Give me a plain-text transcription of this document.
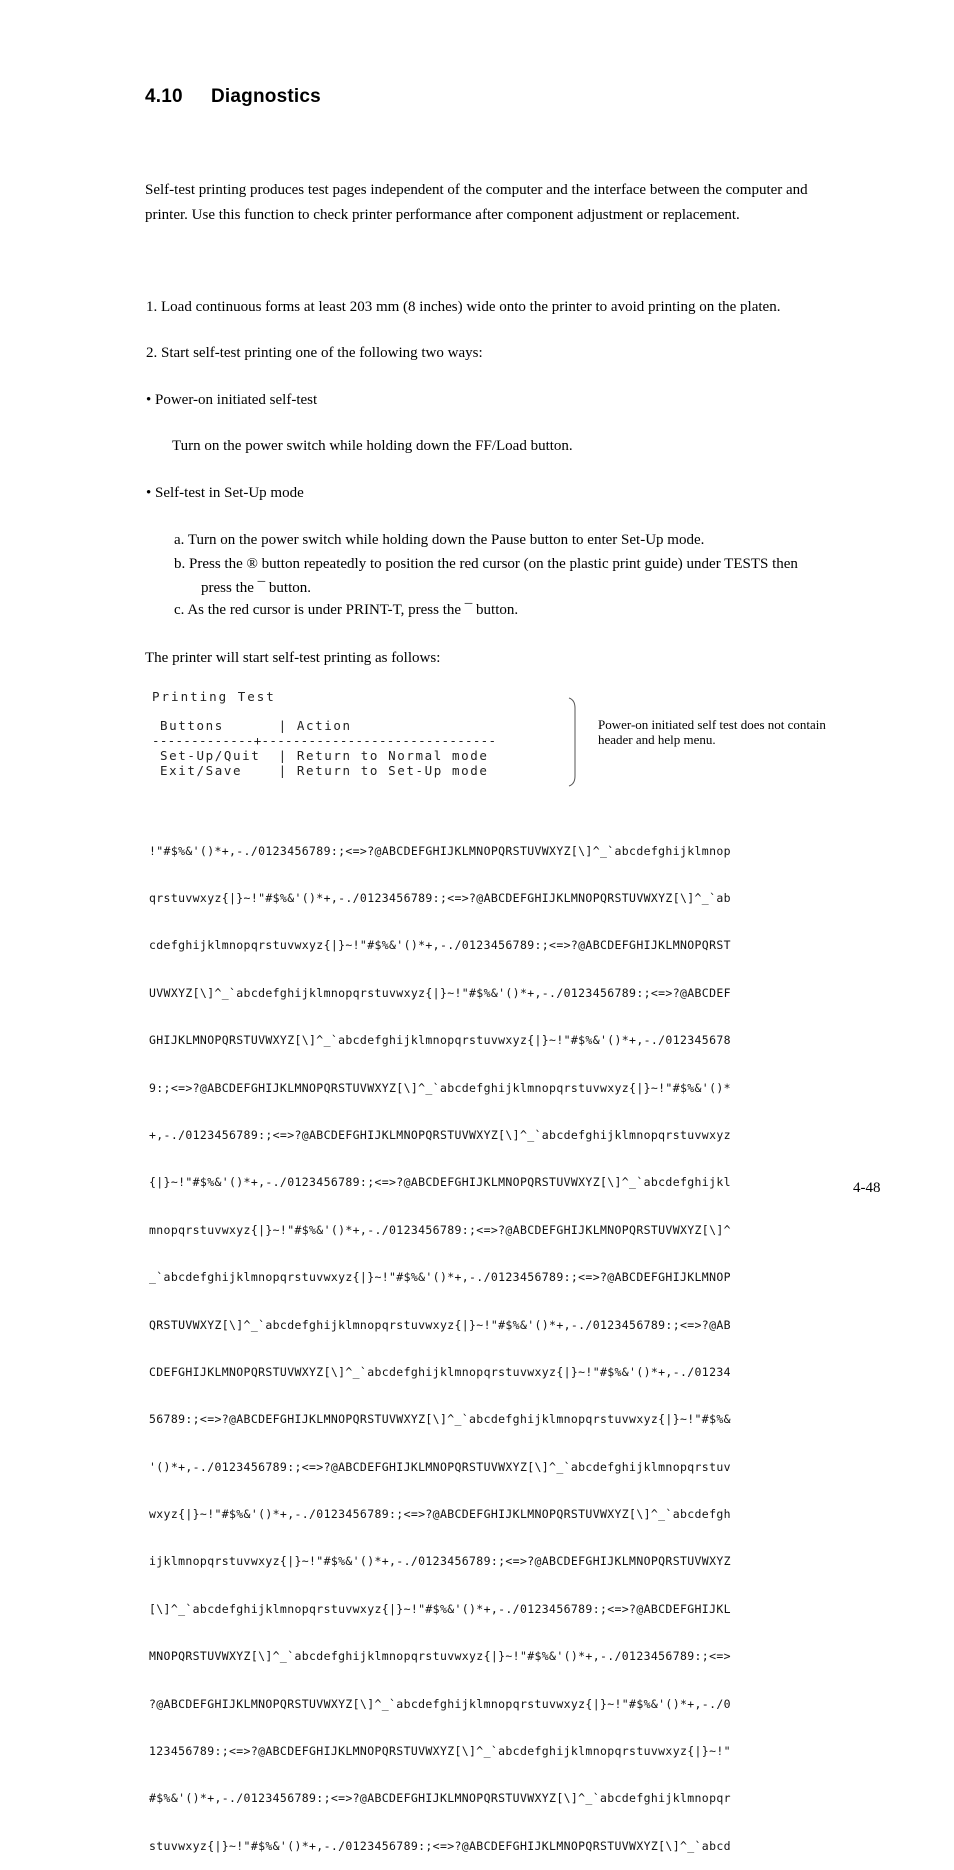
4.10 Diagnostics
Self-test printing produces test pages independent of the computer and the interface between the computer and printer. Use this function to check printer performance after component adjustment or replacement.
1. Load continuous forms at least 203 mm (8 inches) wide onto the printer to avoid printing on the platen.
2. Start self-test printing one of the following two ways:
• Power-on initiated self-test
Turn on the power switch while holding down the FF/Load button.
• Self-test in Set-Up mode
a. Turn on the power switch while holding down the Pause button to enter Set-Up mode.
b. Press the ® button repeatedly to position the red cursor (on the plastic print guide) under TESTS then
press the ¯ button.
c. As the red cursor is under PRINT-T, press the ¯ button.
The printer will start self-test printing as follows:
Printing Test
Buttons      | Action
-------------+------------------------------
Set-Up/Quit  | Return to Normal mode
Exit/Save    | Return to Set-Up mode
Power-on initiated self test does not contain header and help menu.

!"#$%&'()*+,-./0123456789:;<=>?@ABCDEFGHIJKLMNOPQRSTUVWXYZ[\]^_`abcdefghijklmnop

qrstuvwxyz{|}~!"#$%&'()*+,-./0123456789:;<=>?@ABCDEFGHIJKLMNOPQRSTUVWXYZ[\]^_`ab

cdefghijklmnopqrstuvwxyz{|}~!"#$%&'()*+,-./0123456789:;<=>?@ABCDEFGHIJKLMNOPQRST

UVWXYZ[\]^_`abcdefghijklmnopqrstuvwxyz{|}~!"#$%&'()*+,-./0123456789:;<=>?@ABCDEF

GHIJKLMNOPQRSTUVWXYZ[\]^_`abcdefghijklmnopqrstuvwxyz{|}~!"#$%&'()*+,-./012345678

9:;<=>?@ABCDEFGHIJKLMNOPQRSTUVWXYZ[\]^_`abcdefghijklmnopqrstuvwxyz{|}~!"#$%&'()*

+,-./0123456789:;<=>?@ABCDEFGHIJKLMNOPQRSTUVWXYZ[\]^_`abcdefghijklmnopqrstuvwxyz

{|}~!"#$%&'()*+,-./0123456789:;<=>?@ABCDEFGHIJKLMNOPQRSTUVWXYZ[\]^_`abcdefghijkl

mnopqrstuvwxyz{|}~!"#$%&'()*+,-./0123456789:;<=>?@ABCDEFGHIJKLMNOPQRSTUVWXYZ[\]^

_`abcdefghijklmnopqrstuvwxyz{|}~!"#$%&'()*+,-./0123456789:;<=>?@ABCDEFGHIJKLMNOP

QRSTUVWXYZ[\]^_`abcdefghijklmnopqrstuvwxyz{|}~!"#$%&'()*+,-./0123456789:;<=>?@AB

CDEFGHIJKLMNOPQRSTUVWXYZ[\]^_`abcdefghijklmnopqrstuvwxyz{|}~!"#$%&'()*+,-./01234

56789:;<=>?@ABCDEFGHIJKLMNOPQRSTUVWXYZ[\]^_`abcdefghijklmnopqrstuvwxyz{|}~!"#$%&

'()*+,-./0123456789:;<=>?@ABCDEFGHIJKLMNOPQRSTUVWXYZ[\]^_`abcdefghijklmnopqrstuv

wxyz{|}~!"#$%&'()*+,-./0123456789:;<=>?@ABCDEFGHIJKLMNOPQRSTUVWXYZ[\]^_`abcdefgh

ijklmnopqrstuvwxyz{|}~!"#$%&'()*+,-./0123456789:;<=>?@ABCDEFGHIJKLMNOPQRSTUVWXYZ

[\]^_`abcdefghijklmnopqrstuvwxyz{|}~!"#$%&'()*+,-./0123456789:;<=>?@ABCDEFGHIJKL

MNOPQRSTUVWXYZ[\]^_`abcdefghijklmnopqrstuvwxyz{|}~!"#$%&'()*+,-./0123456789:;<=>

?@ABCDEFGHIJKLMNOPQRSTUVWXYZ[\]^_`abcdefghijklmnopqrstuvwxyz{|}~!"#$%&'()*+,-./0

123456789:;<=>?@ABCDEFGHIJKLMNOPQRSTUVWXYZ[\]^_`abcdefghijklmnopqrstuvwxyz{|}~!"

#$%&'()*+,-./0123456789:;<=>?@ABCDEFGHIJKLMNOPQRSTUVWXYZ[\]^_`abcdefghijklmnopqr

stuvwxyz{|}~!"#$%&'()*+,-./0123456789:;<=>?@ABCDEFGHIJKLMNOPQRSTUVWXYZ[\]^_`abcd

4-48
